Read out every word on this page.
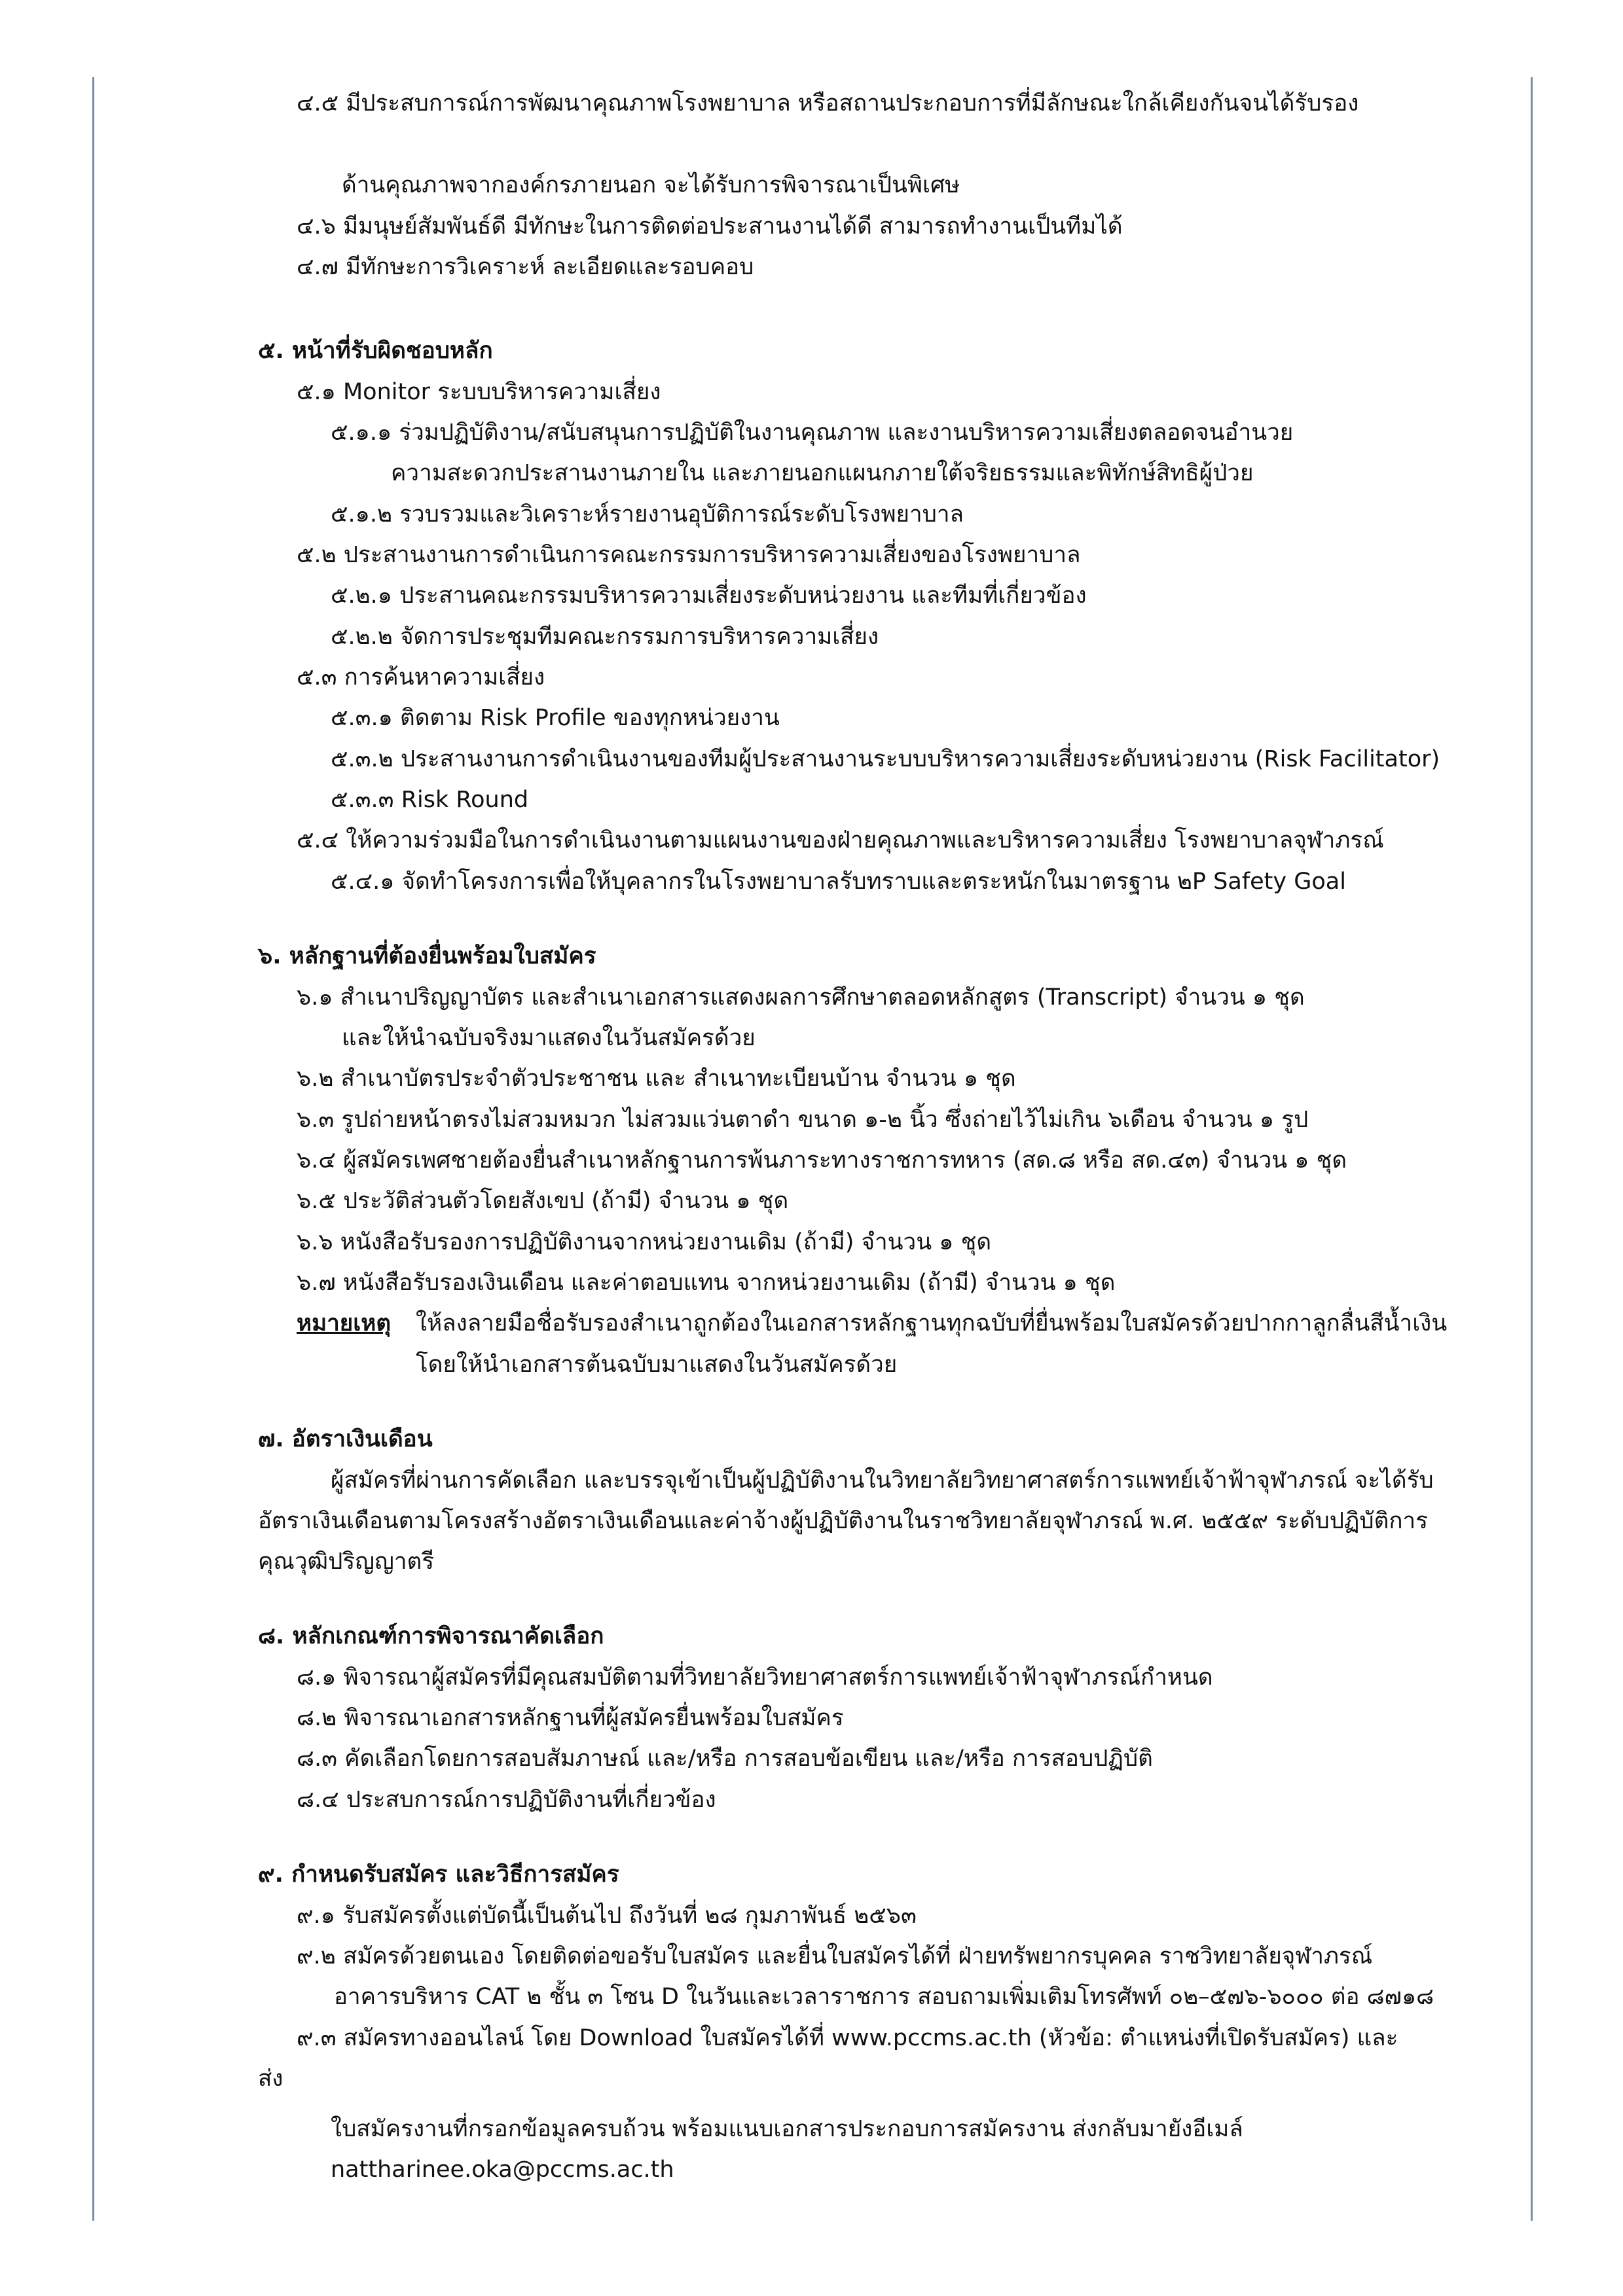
๔.๕ มีประสบการณ์การพัฒนาคุณภาพโรงพยาบาล หรือสถานประกอบการที่มีลักษณะใกล้เคียงกันจนได้รับรอง
ด้านคุณภาพจากองค์กรภายนอก จะได้รับการพิจารณาเป็นพิเศษ
๔.๖ มีมนุษย์สัมพันธ์ดี มีทักษะในการติดต่อประสานงานได้ดี สามารถทำงานเป็นทีมได้
๔.๗ มีทักษะการวิเคราะห์ ละเอียดและรอบคอบ
๕. หน้าที่รับผิดชอบหลัก
๕.๑ Monitor ระบบบริหารความเสี่ยง
๕.๑.๑ ร่วมปฏิบัติงาน/สนับสนุนการปฏิบัติในงานคุณภาพ และงานบริหารความเสี่ยงตลอดจนอำนวย
ความสะดวกประสานงานภายใน และภายนอกแผนกภายใต้จริยธรรมและพิทักษ์สิทธิผู้ป่วย
๕.๑.๒ รวบรวมและวิเคราะห์รายงานอุบัติการณ์ระดับโรงพยาบาล
๕.๒ ประสานงานการดำเนินการคณะกรรมการบริหารความเสี่ยงของโรงพยาบาล
๕.๒.๑ ประสานคณะกรรมบริหารความเสี่ยงระดับหน่วยงาน และทีมที่เกี่ยวข้อง
๕.๒.๒ จัดการประชุมทีมคณะกรรมการบริหารความเสี่ยง
๕.๓ การค้นหาความเสี่ยง
๕.๓.๑ ติดตาม Risk Profile ของทุกหน่วยงาน
๕.๓.๒ ประสานงานการดำเนินงานของทีมผู้ประสานงานระบบบริหารความเสี่ยงระดับหน่วยงาน (Risk Facilitator)
๕.๓.๓ Risk Round
๕.๔ ให้ความร่วมมือในการดำเนินงานตามแผนงานของฝ่ายคุณภาพและบริหารความเสี่ยง โรงพยาบาลจุฬาภรณ์
๕.๔.๑ จัดทำโครงการเพื่อให้บุคลากรในโรงพยาบาลรับทราบและตระหนักในมาตรฐาน ๒P Safety Goal
๖. หลักฐานที่ต้องยื่นพร้อมใบสมัคร
๖.๑ สำเนาปริญญาบัตร และสำเนาเอกสารแสดงผลการศึกษาตลอดหลักสูตร (Transcript) จำนวน ๑ ชุด
และให้นำฉบับจริงมาแสดงในวันสมัครด้วย
๖.๒ สำเนาบัตรประจำตัวประชาชน และ สำเนาทะเบียนบ้าน จำนวน ๑ ชุด
๖.๓ รูปถ่ายหน้าตรงไม่สวมหมวก ไม่สวมแว่นตาดำ ขนาด ๑-๒ นิ้ว ซึ่งถ่ายไว้ไม่เกิน ๖เดือน จำนวน ๑ รูป
๖.๔ ผู้สมัครเพศชายต้องยื่นสำเนาหลักฐานการพ้นภาระทางราชการทหาร (สด.๘ หรือ สด.๔๓) จำนวน ๑ ชุด
๖.๕ ประวัติส่วนตัวโดยสังเขป (ถ้ามี) จำนวน ๑ ชุด
๖.๖ หนังสือรับรองการปฏิบัติงานจากหน่วยงานเดิม (ถ้ามี) จำนวน ๑ ชุด
๖.๗ หนังสือรับรองเงินเดือน และค่าตอบแทน จากหน่วยงานเดิม (ถ้ามี) จำนวน ๑ ชุด
หมายเหตุ ให้ลงลายมือชื่อรับรองสำเนาถูกต้องในเอกสารหลักฐานทุกฉบับที่ยื่นพร้อมใบสมัครด้วยปากกาลูกลื่นสีน้ำเงิน
โดยให้นำเอกสารต้นฉบับมาแสดงในวันสมัครด้วย
๗. อัตราเงินเดือน
ผู้สมัครที่ผ่านการคัดเลือก และบรรจุเข้าเป็นผู้ปฏิบัติงานในวิทยาลัยวิทยาศาสตร์การแพทย์เจ้าฟ้าจุฬาภรณ์ จะได้รับ
อัตราเงินเดือนตามโครงสร้างอัตราเงินเดือนและค่าจ้างผู้ปฏิบัติงานในราชวิทยาลัยจุฬาภรณ์ พ.ศ. ๒๕๕๙ ระดับปฏิบัติการ
คุณวุฒิปริญญาตรี
๘. หลักเกณฑ์การพิจารณาคัดเลือก
๘.๑ พิจารณาผู้สมัครที่มีคุณสมบัติตามที่วิทยาลัยวิทยาศาสตร์การแพทย์เจ้าฟ้าจุฬาภรณ์กำหนด
๘.๒ พิจารณาเอกสารหลักฐานที่ผู้สมัครยื่นพร้อมใบสมัคร
๘.๓ คัดเลือกโดยการสอบสัมภาษณ์ และ/หรือ การสอบข้อเขียน และ/หรือ การสอบปฏิบัติ
๘.๔ ประสบการณ์การปฏิบัติงานที่เกี่ยวข้อง
๙. กำหนดรับสมัคร และวิธีการสมัคร
๙.๑ รับสมัครตั้งแต่บัดนี้เป็นต้นไป ถึงวันที่ ๒๘ กุมภาพันธ์ ๒๕๖๓
๙.๒ สมัครด้วยตนเอง โดยติดต่อขอรับใบสมัคร และยื่นใบสมัครได้ที่ ฝ่ายทรัพยากรบุคคล ราชวิทยาลัยจุฬาภรณ์
อาคารบริหาร CAT ๒ ชั้น ๓ โซน D ในวันและเวลาราชการ สอบถามเพิ่มเติมโทรศัพท์ ๐๒–๕๗๖-๖๐๐๐ ต่อ ๘๗๑๘
๙.๓ สมัครทางออนไลน์ โดย Download ใบสมัครได้ที่ www.pccms.ac.th (หัวข้อ: ตำแหน่งที่เปิดรับสมัคร) และ
ส่ง
ใบสมัครงานที่กรอกข้อมูลครบถ้วน พร้อมแนบเอกสารประกอบการสมัครงาน ส่งกลับมายังอีเมล์
nattharinee.oka@pccms.ac.th
